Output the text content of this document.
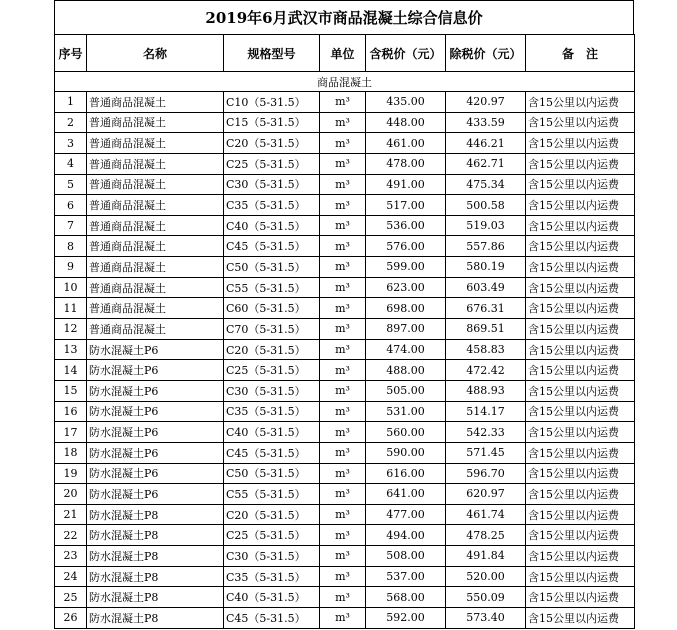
2019年6月武汉市商品混凝土综合信息价
序号	名称	规格型号	单位	含税价（元）	除税价（元）	备　注
商品混凝土						
1	普通商品混凝土	C10（5-31.5）	m³	435.00	420.97	含15公里以内运费
2	普通商品混凝土	C15（5-31.5）	m³	448.00	433.59	含15公里以内运费
3	普通商品混凝土	C20（5-31.5）	m³	461.00	446.21	含15公里以内运费
4	普通商品混凝土	C25（5-31.5）	m³	478.00	462.71	含15公里以内运费
5	普通商品混凝土	C30（5-31.5）	m³	491.00	475.34	含15公里以内运费
6	普通商品混凝土	C35（5-31.5）	m³	517.00	500.58	含15公里以内运费
7	普通商品混凝土	C40（5-31.5）	m³	536.00	519.03	含15公里以内运费
8	普通商品混凝土	C45（5-31.5）	m³	576.00	557.86	含15公里以内运费
9	普通商品混凝土	C50（5-31.5）	m³	599.00	580.19	含15公里以内运费
10	普通商品混凝土	C55（5-31.5）	m³	623.00	603.49	含15公里以内运费
11	普通商品混凝土	C60（5-31.5）	m³	698.00	676.31	含15公里以内运费
12	普通商品混凝土	C70（5-31.5）	m³	897.00	869.51	含15公里以内运费
13	防水混凝土P6	C20（5-31.5）	m³	474.00	458.83	含15公里以内运费
14	防水混凝土P6	C25（5-31.5）	m³	488.00	472.42	含15公里以内运费
15	防水混凝土P6	C30（5-31.5）	m³	505.00	488.93	含15公里以内运费
16	防水混凝土P6	C35（5-31.5）	m³	531.00	514.17	含15公里以内运费
17	防水混凝土P6	C40（5-31.5）	m³	560.00	542.33	含15公里以内运费
18	防水混凝土P6	C45（5-31.5）	m³	590.00	571.45	含15公里以内运费
19	防水混凝土P6	C50（5-31.5）	m³	616.00	596.70	含15公里以内运费
20	防水混凝土P6	C55（5-31.5）	m³	641.00	620.97	含15公里以内运费
21	防水混凝土P8	C20（5-31.5）	m³	477.00	461.74	含15公里以内运费
22	防水混凝土P8	C25（5-31.5）	m³	494.00	478.25	含15公里以内运费
23	防水混凝土P8	C30（5-31.5）	m³	508.00	491.84	含15公里以内运费
24	防水混凝土P8	C35（5-31.5）	m³	537.00	520.00	含15公里以内运费
25	防水混凝土P8	C40（5-31.5）	m³	568.00	550.09	含15公里以内运费
26	防水混凝土P8	C45（5-31.5）	m³	592.00	573.40	含15公里以内运费
